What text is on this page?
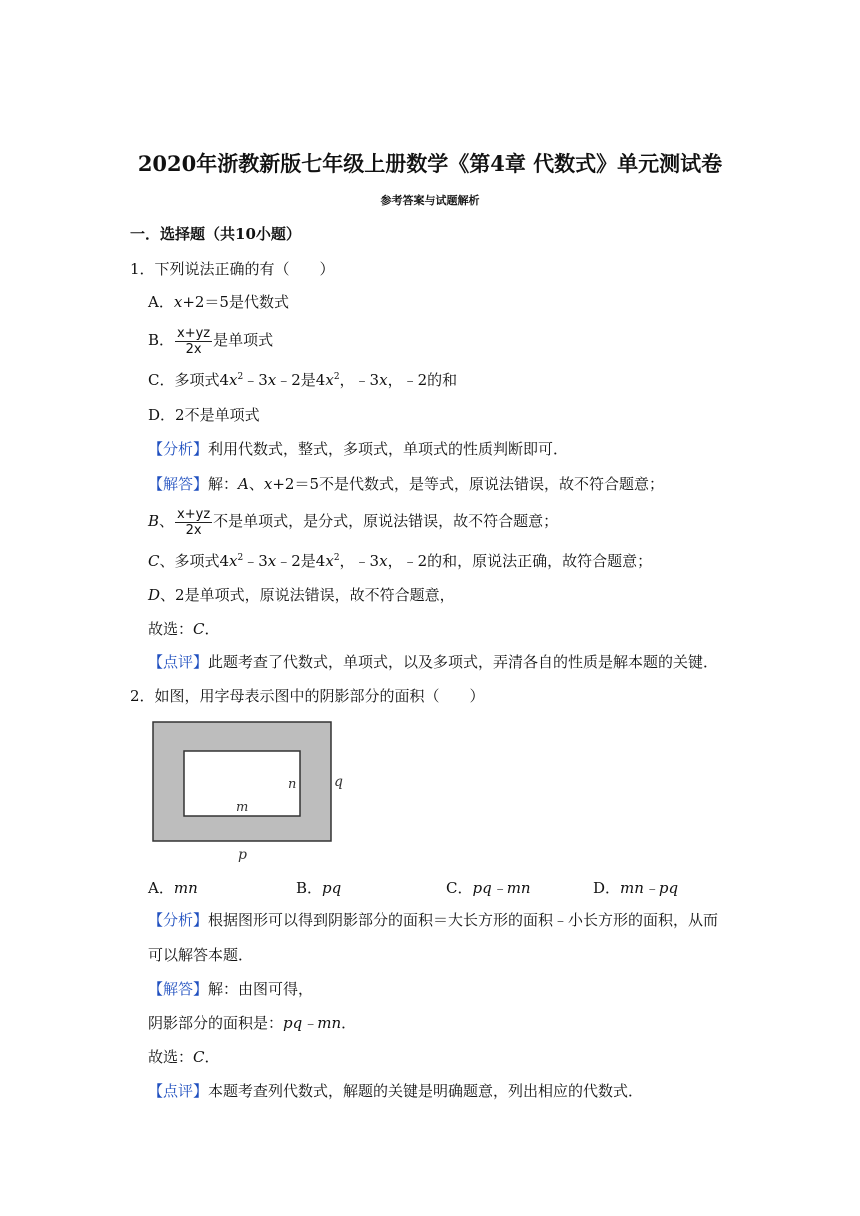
2020年浙教新版七年级上册数学《第4章 代数式》单元测试卷
参考答案与试题解析
一．选择题（共10小题）
1．下列说法正确的有（　　）
A．x+2＝5是代数式
B． $\frac{x+yz}{2x}$ 是单项式
C．多项式$4x^2﹣3x﹣2$是$4x^2$，﹣3x，﹣2的和
D．2不是单项式
【分析】利用代数式，整式，多项式，单项式的性质判断即可．
【解答】解：A、x+2＝5不是代数式，是等式，原说法错误，故不符合题意；
B、 $\frac{x+yz}{2x}$ 不是单项式，是分式，原说法错误，故不符合题意；
C、多项式$4x^2﹣3x﹣2$是$4x^2$，﹣3x，﹣2的和，原说法正确，故符合题意；
D、2是单项式，原说法错误，故不符合题意，
故选：C．
【点评】此题考查了代数式，单项式，以及多项式，弄清各自的性质是解本题的关键．
2．如图，用字母表示图中的阴影部分的面积（　　）
n
m
q
p
A．mn	B．pq	C．pq﹣mn	D．mn﹣pq
【分析】根据图形可以得到阴影部分的面积＝大长方形的面积﹣小长方形的面积，从而
可以解答本题．
【解答】解：由图可得，
阴影部分的面积是：pq﹣mn．
故选：C．
【点评】本题考查列代数式，解题的关键是明确题意，列出相应的代数式．
